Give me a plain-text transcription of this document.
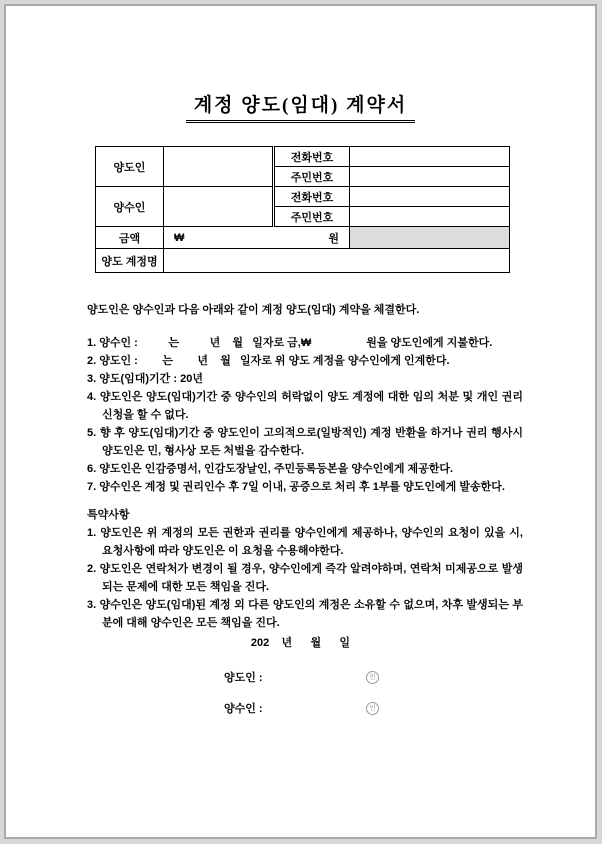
계정 양도(임대) 계약서
양도인		전화번호	
		주민번호	
양수인		전화번호	
		주민번호	
금액	₩ 원		

양도 계정명			
양도인은 양수인과 다음 아래와 같이 계정 양도(임대) 계약을 체결한다.
1. 양수인 :          는          년    월   일자로 금,₩                  원을 양도인에게 지불한다.
2. 양도인 :        는        년    월   일자로 위 양도 계정을 양수인에게 인계한다.
3. 양도(임대)기간 : 20년
4. 양도인은 양도(임대)기간 중 양수인의 허락없이 양도 계정에 대한 임의 처분 및 개인 권리 신청을 할 수 없다.
5. 향 후 양도(임대)기간 중 양도인이 고의적으로(일방적인) 계정 반환을 하거나 권리 행사시 양도인은 민, 형사상 모든 처벌을 감수한다.
6. 양도인은 인감증명서, 인감도장날인, 주민등록등본을 양수인에게 제공한다.
7. 양수인은 계정 및 권리인수 후 7일 이내, 공증으로 처리 후 1부를 양도인에게 발송한다.
특약사항
1. 양도인은 위 계정의 모든 권한과 권리를 양수인에게 제공하나, 양수인의 요청이 있을 시, 요청사항에 따라 양도인은 이 요청을 수용해야한다.
2. 양도인은 연락처가 변경이 될 경우, 양수인에게 즉각 알려야하며, 연락처 미제공으로 발생되는 문제에 대한 모든 책임을 진다.
3. 양수인은 양도(임대)된 계정 외 다른 양도인의 계정은 소유할 수 없으며, 차후 발생되는 부분에 대해 양수인은 모든 책임을 진다.
202    년      월      일
양도인 :	인
양수인 :	인
